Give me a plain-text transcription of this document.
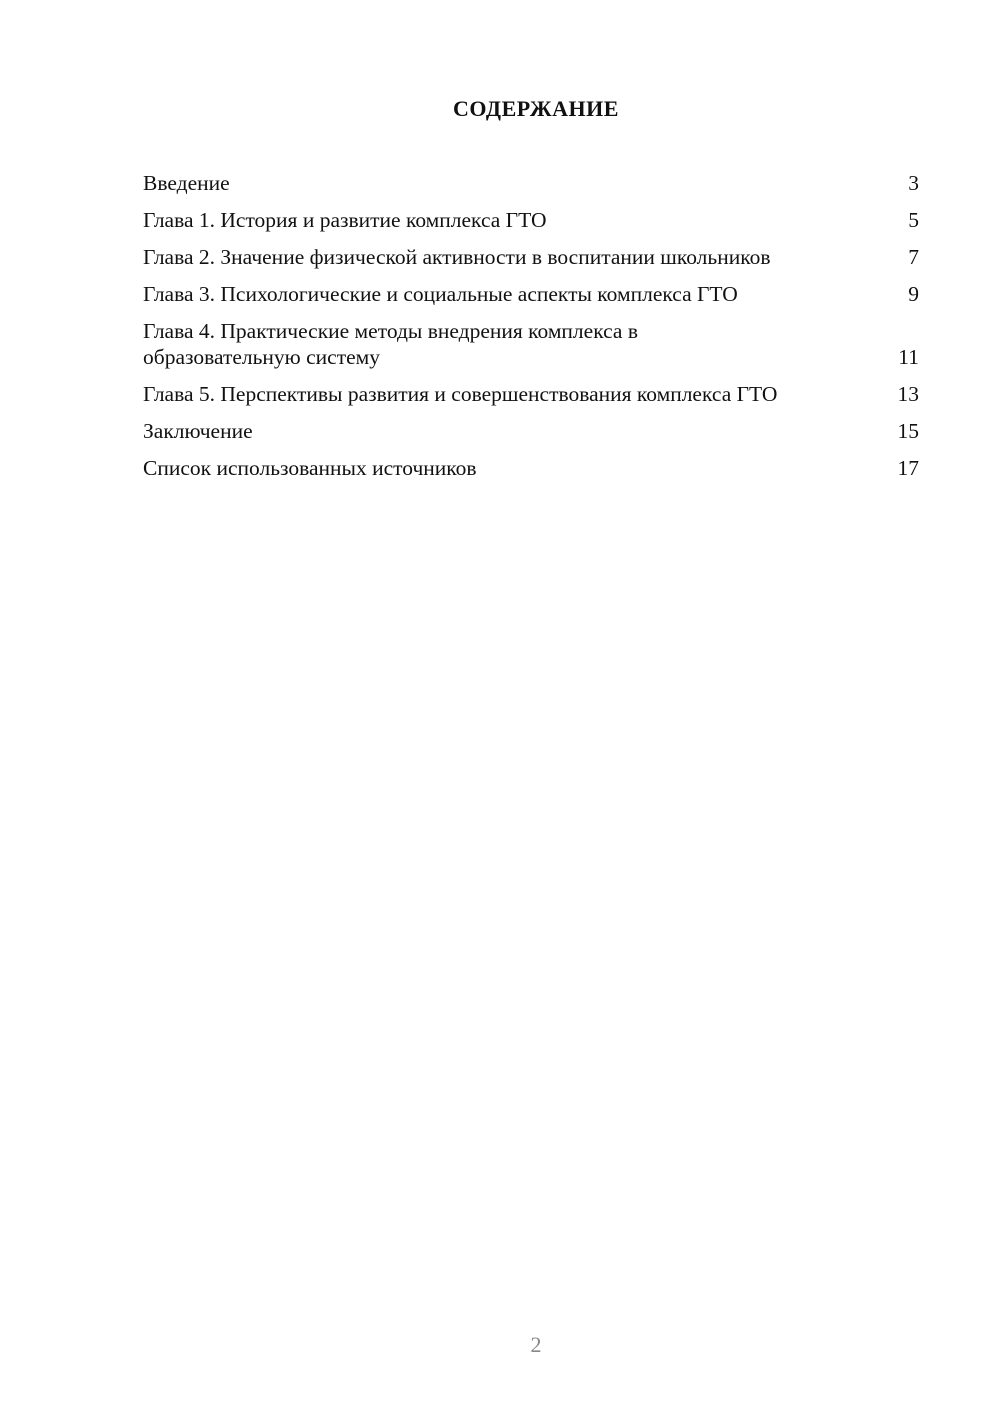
СОДЕРЖАНИЕ
Введение	3
Глава 1. История и развитие комплекса ГТО	5
Глава 2. Значение физической активности в воспитании школьников	7
Глава 3. Психологические и социальные аспекты комплекса ГТО	9
Глава 4. Практические методы внедрения комплекса в образовательную систему	11
Глава 5. Перспективы развития и совершенствования комплекса ГТО	13
Заключение	15
Список использованных источников	17
2
